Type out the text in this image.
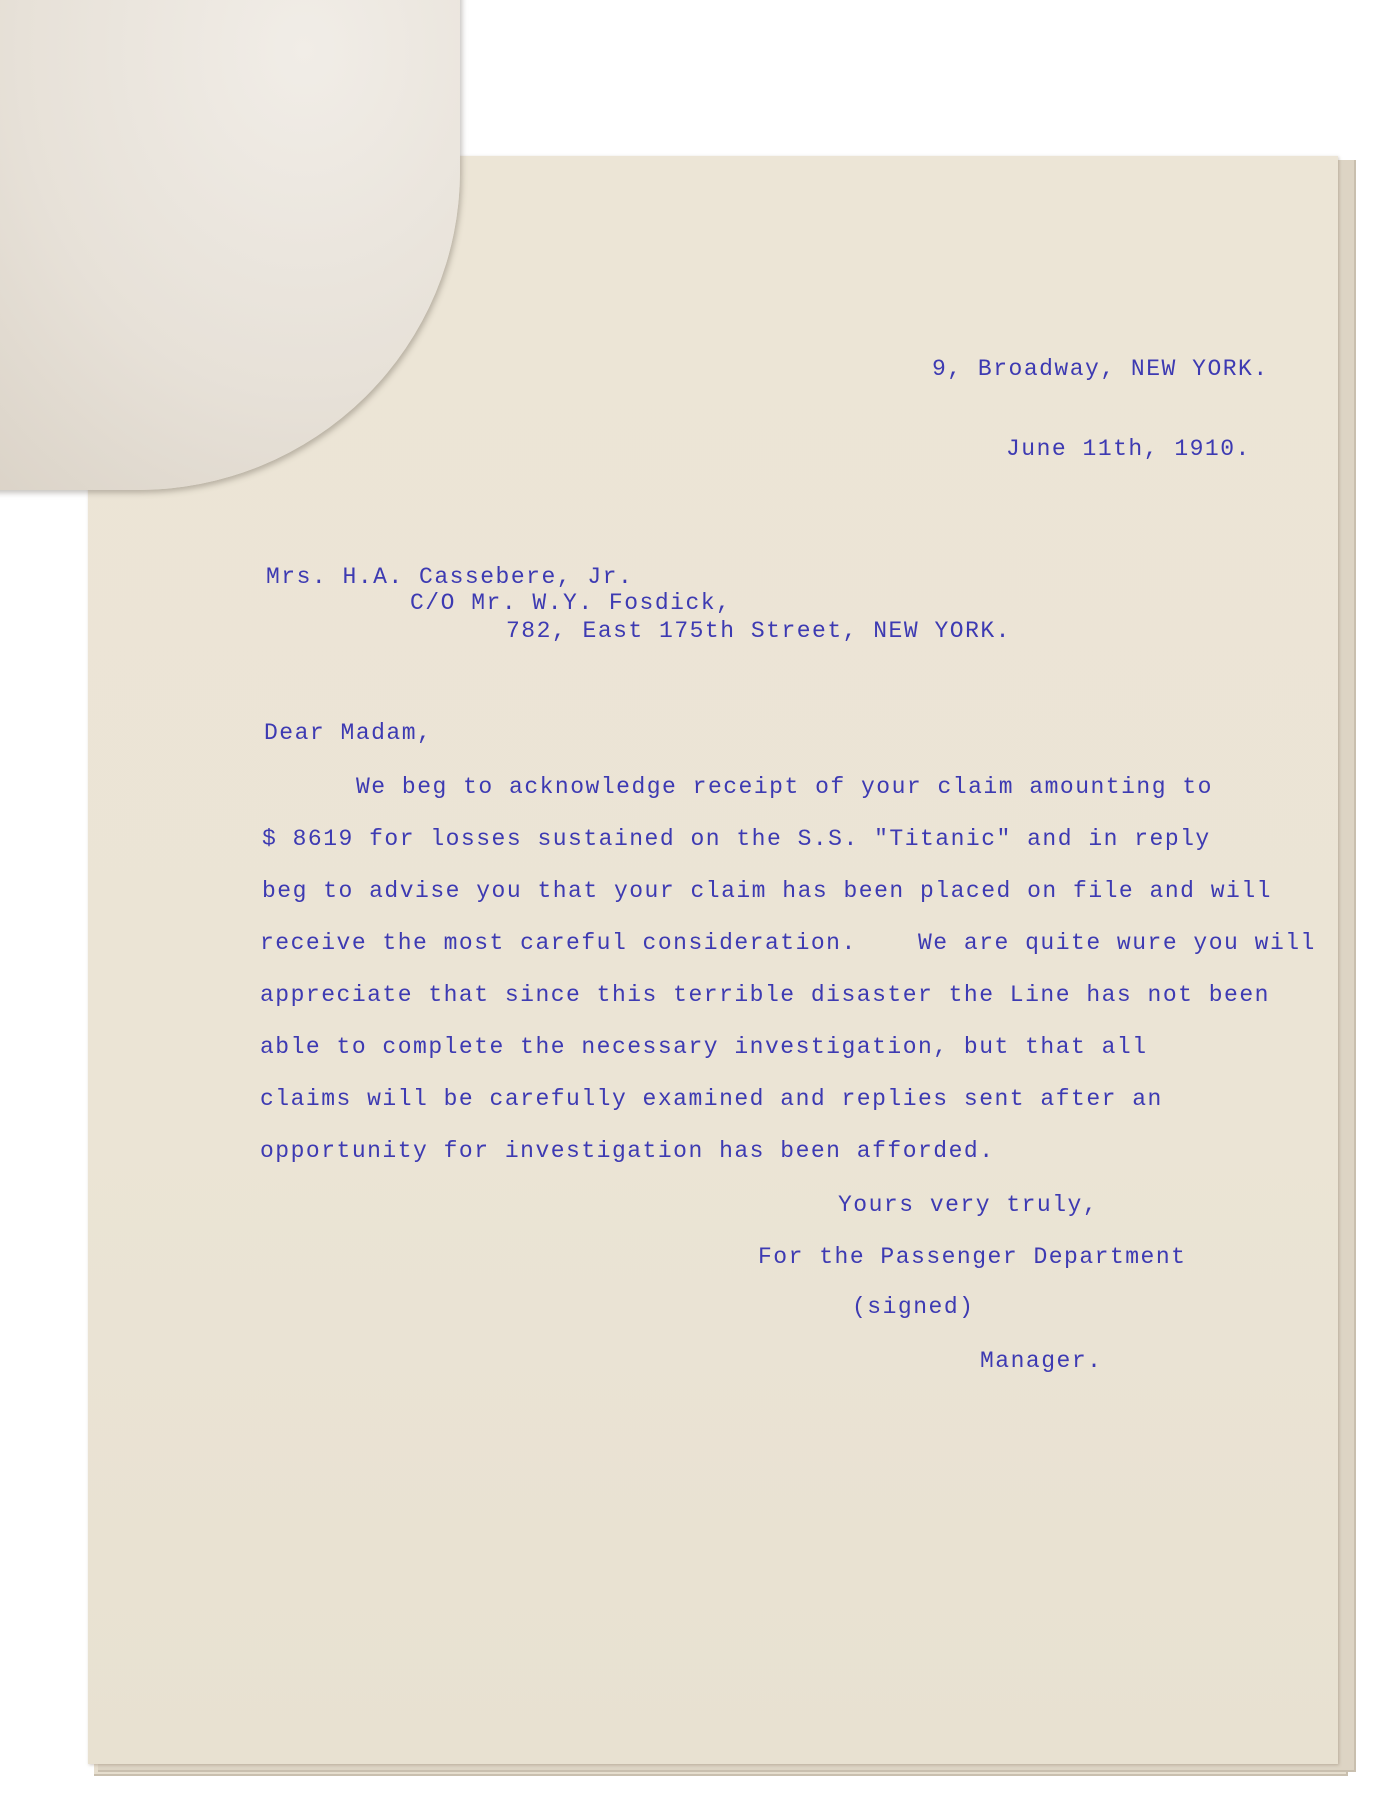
9, Broadway, NEW YORK.

June 11th, 1910.

Mrs. H.A. Cassebere, Jr.

C/O Mr. W.Y. Fosdick,

782, East 175th Street, NEW YORK.

Dear Madam,

We beg to acknowledge receipt of your claim amounting to

$ 8619 for losses sustained on the S.S. "Titanic" and in reply

beg to advise you that your claim has been placed on file and will

receive the most careful consideration.    We are quite wure you will

appreciate that since this terrible disaster the Line has not been

able to complete the necessary investigation, but that all

claims will be carefully examined and replies sent after an

opportunity for investigation has been afforded.

Yours very truly,

For the Passenger Department

(signed)

Manager.
